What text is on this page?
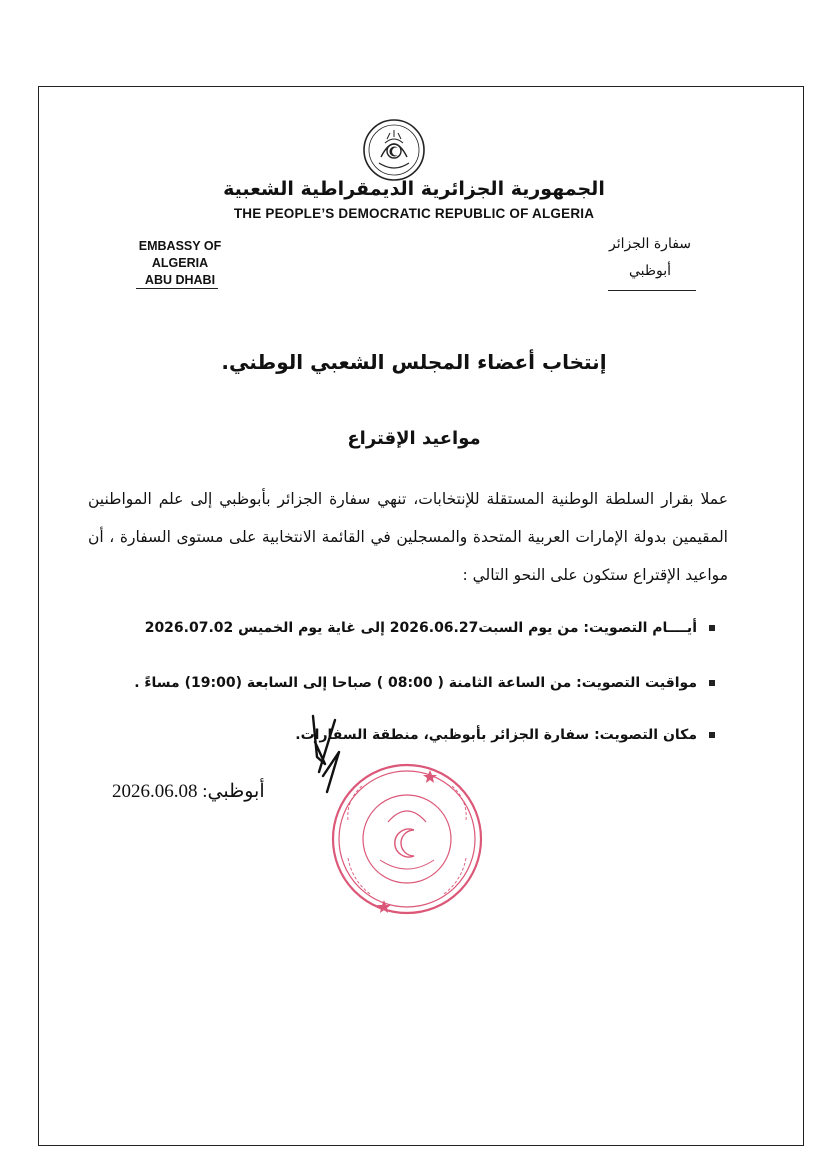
الجمهورية الجزائرية الديمقراطية الشعبية
THE PEOPLE’S DEMOCRATIC REPUBLIC OF ALGERIA
EMBASSY OF ALGERIA
ABU DHABI
سفارة الجزائر
أبوظبي
إنتخاب أعضاء المجلس الشعبي الوطني.
مواعيد الإقتراع
عملا بقرار السلطة الوطنية المستقلة للإنتخابات، تنهي سفارة الجزائر بأبوظبي إلى علم المواطنين المقيمين بدولة الإمارات العربية المتحدة والمسجلين في القائمة الانتخابية على مستوى السفارة ، أن مواعيد الإقتراع ستكون على النحو التالي :
أيــــام التصويت: من يوم السبت2026.06.27 إلى غاية يوم الخميس 2026.07.02
مواقيت التصويت: من الساعة الثامنة ( 08:00 ) صباحا إلى السابعة (19:00) مساءً .
مكان التصويت: سفارة الجزائر بأبوظبي، منطقة السفارات.
أبوظبي: 2026.06.08
